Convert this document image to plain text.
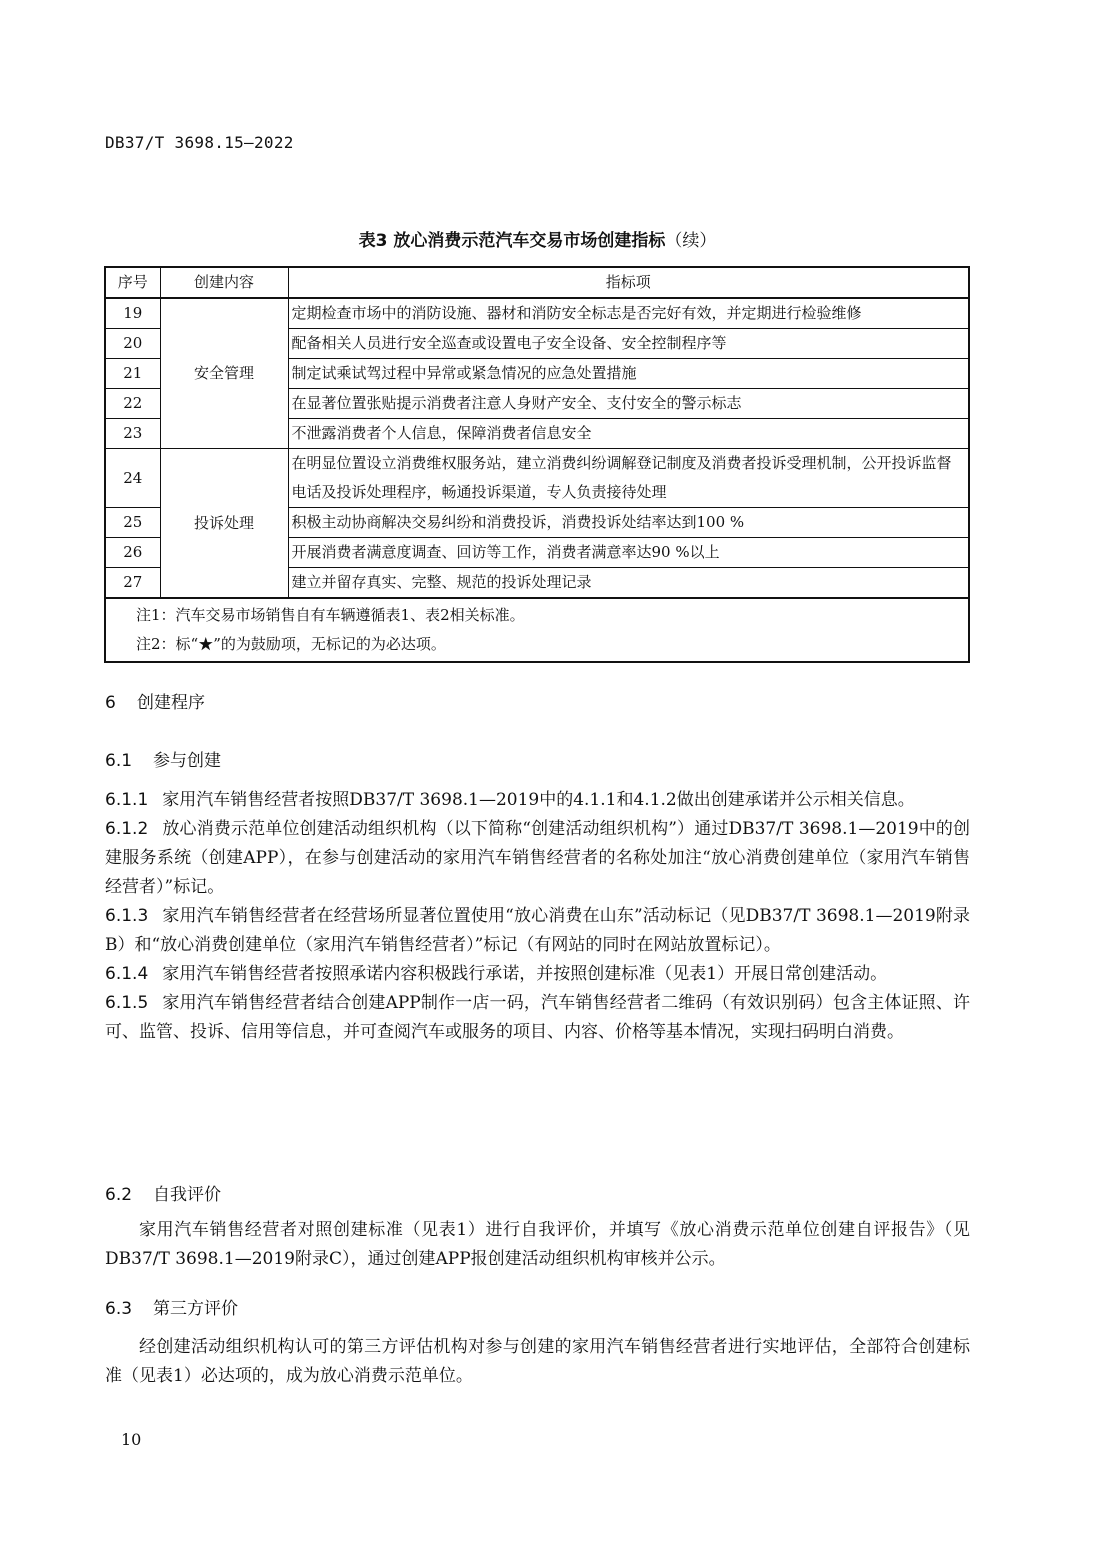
DB37/T 3698.15—2022
表3 放心消费示范汽车交易市场创建指标（续）
序号	创建内容	指标项
19	安全管理	定期检查市场中的消防设施、器材和消防安全标志是否完好有效，并定期进行检验维修
20		配备相关人员进行安全巡查或设置电子安全设备、安全控制程序等
21		制定试乘试驾过程中异常或紧急情况的应急处置措施
22		在显著位置张贴提示消费者注意人身财产安全、支付安全的警示标志
23		不泄露消费者个人信息，保障消费者信息安全
24	投诉处理	在明显位置设立消费维权服务站，建立消费纠纷调解登记制度及消费者投诉受理机制，公开投诉监督电话及投诉处理程序，畅通投诉渠道，专人负责接待处理
25		积极主动协商解决交易纠纷和消费投诉，消费投诉处结率达到100 %
26		开展消费者满意度调查、回访等工作，消费者满意率达90 %以上
27		建立并留存真实、完整、规范的投诉处理记录

注1：汽车交易市场销售自有车辆遵循表1、表2相关标准。
注2：标“★”的为鼓励项，无标记的为必达项。		
6 创建程序
6.1 参与创建
6.1.1 家用汽车销售经营者按照DB37/T 3698.1—2019中的4.1.1和4.1.2做出创建承诺并公示相关信息。
6.1.2 放心消费示范单位创建活动组织机构（以下简称“创建活动组织机构”）通过DB37/T 3698.1—2019中的创建服务系统（创建APP），在参与创建活动的家用汽车销售经营者的名称处加注“放心消费创建单位（家用汽车销售经营者）”标记。
6.1.3 家用汽车销售经营者在经营场所显著位置使用“放心消费在山东”活动标记（见DB37/T 3698.1—2019附录B）和“放心消费创建单位（家用汽车销售经营者）”标记（有网站的同时在网站放置标记）。
6.1.4 家用汽车销售经营者按照承诺内容积极践行承诺，并按照创建标准（见表1）开展日常创建活动。
6.1.5 家用汽车销售经营者结合创建APP制作一店一码，汽车销售经营者二维码（有效识别码）包含主体证照、许可、监管、投诉、信用等信息，并可查阅汽车或服务的项目、内容、价格等基本情况，实现扫码明白消费。
6.2 自我评价
家用汽车销售经营者对照创建标准（见表1）进行自我评价，并填写《放心消费示范单位创建自评报告》（见DB37/T 3698.1—2019附录C），通过创建APP报创建活动组织机构审核并公示。
6.3 第三方评价
经创建活动组织机构认可的第三方评估机构对参与创建的家用汽车销售经营者进行实地评估，全部符合创建标准（见表1）必达项的，成为放心消费示范单位。
10
